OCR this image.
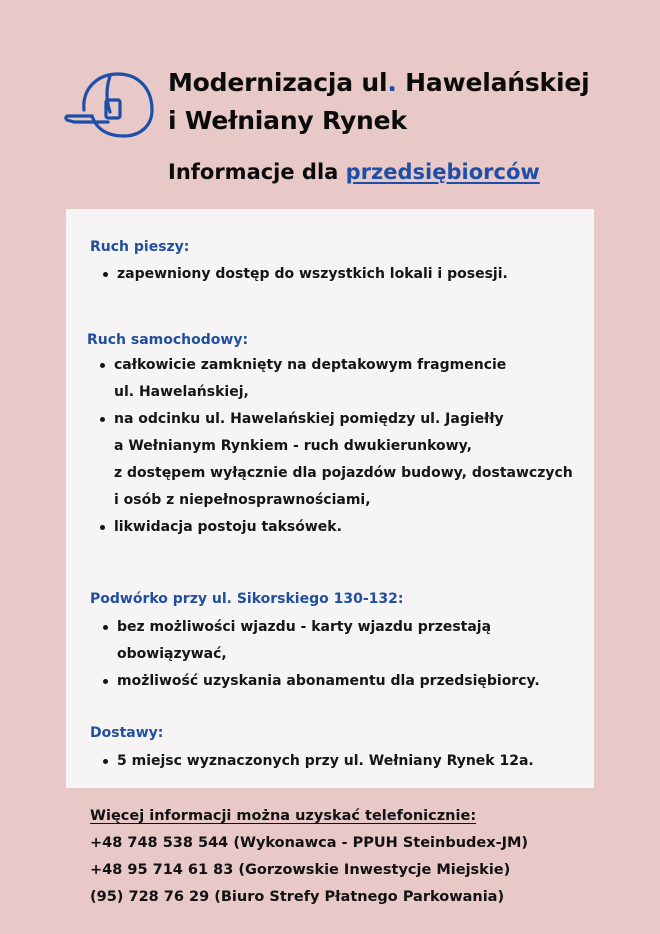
Modernizacja ul. Hawelańskiej
i Wełniany Rynek
Informacje dla przedsiębiorców
Ruch pieszy:
zapewniony dostęp do wszystkich lokali i posesji.
Ruch samochodowy:
całkowicie zamknięty na deptakowym fragmencie
ul. Hawelańskiej,
na odcinku ul. Hawelańskiej pomiędzy ul. Jagiełły
a Wełnianym Rynkiem - ruch dwukierunkowy,
z dostępem wyłącznie dla pojazdów budowy, dostawczych
i osób z niepełnosprawnościami,
likwidacja postoju taksówek.
Podwórko przy ul. Sikorskiego 130-132:
bez możliwości wjazdu - karty wjazdu przestają
obowiązywać,
możliwość uzyskania abonamentu dla przedsiębiorcy.
Dostawy:
5 miejsc wyznaczonych przy ul. Wełniany Rynek 12a.
Więcej informacji można uzyskać telefonicznie:
+48 748 538 544 (Wykonawca - PPUH Steinbudex-JM)
+48 95 714 61 83 (Gorzowskie Inwestycje Miejskie)
(95) 728 76 29 (Biuro Strefy Płatnego Parkowania)
